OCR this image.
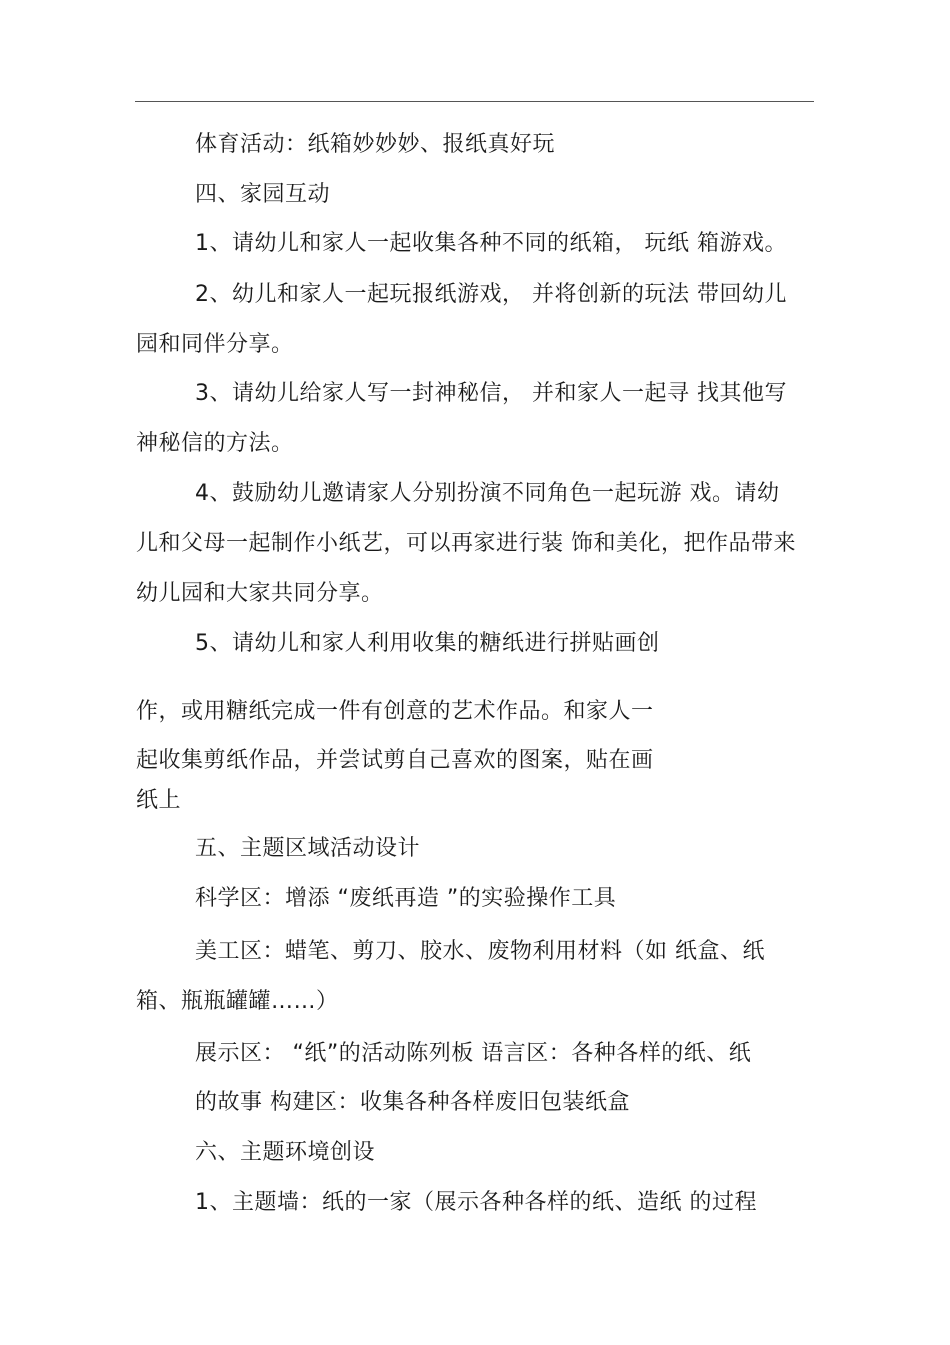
体育活动：纸箱妙妙妙、报纸真好玩
四、家园互动
1、请幼儿和家人一起收集各种不同的纸箱， 玩纸 箱游戏。
2、幼儿和家人一起玩报纸游戏， 并将创新的玩法 带回幼儿
园和同伴分享。
3、请幼儿给家人写一封神秘信， 并和家人一起寻 找其他写
神秘信的方法。
4、鼓励幼儿邀请家人分别扮演不同角色一起玩游 戏。请幼
儿和父母一起制作小纸艺，可以再家进行装 饰和美化，把作品带来
幼儿园和大家共同分享。
5、请幼儿和家人利用收集的糖纸进行拼贴画创
作，或用糖纸完成一件有创意的艺术作品。和家人一
起收集剪纸作品，并尝试剪自己喜欢的图案，贴在画
纸上
五、主题区域活动设计
科学区：增添 “废纸再造 ”的实验操作工具
美工区：蜡笔、剪刀、胶水、废物利用材料（如 纸盒、纸
箱、瓶瓶罐罐……）
展示区： “纸”的活动陈列板 语言区：各种各样的纸、纸
的故事 构建区：收集各种各样废旧包装纸盒
六、主题环境创设
1、主题墙：纸的一家（展示各种各样的纸、造纸 的过程
